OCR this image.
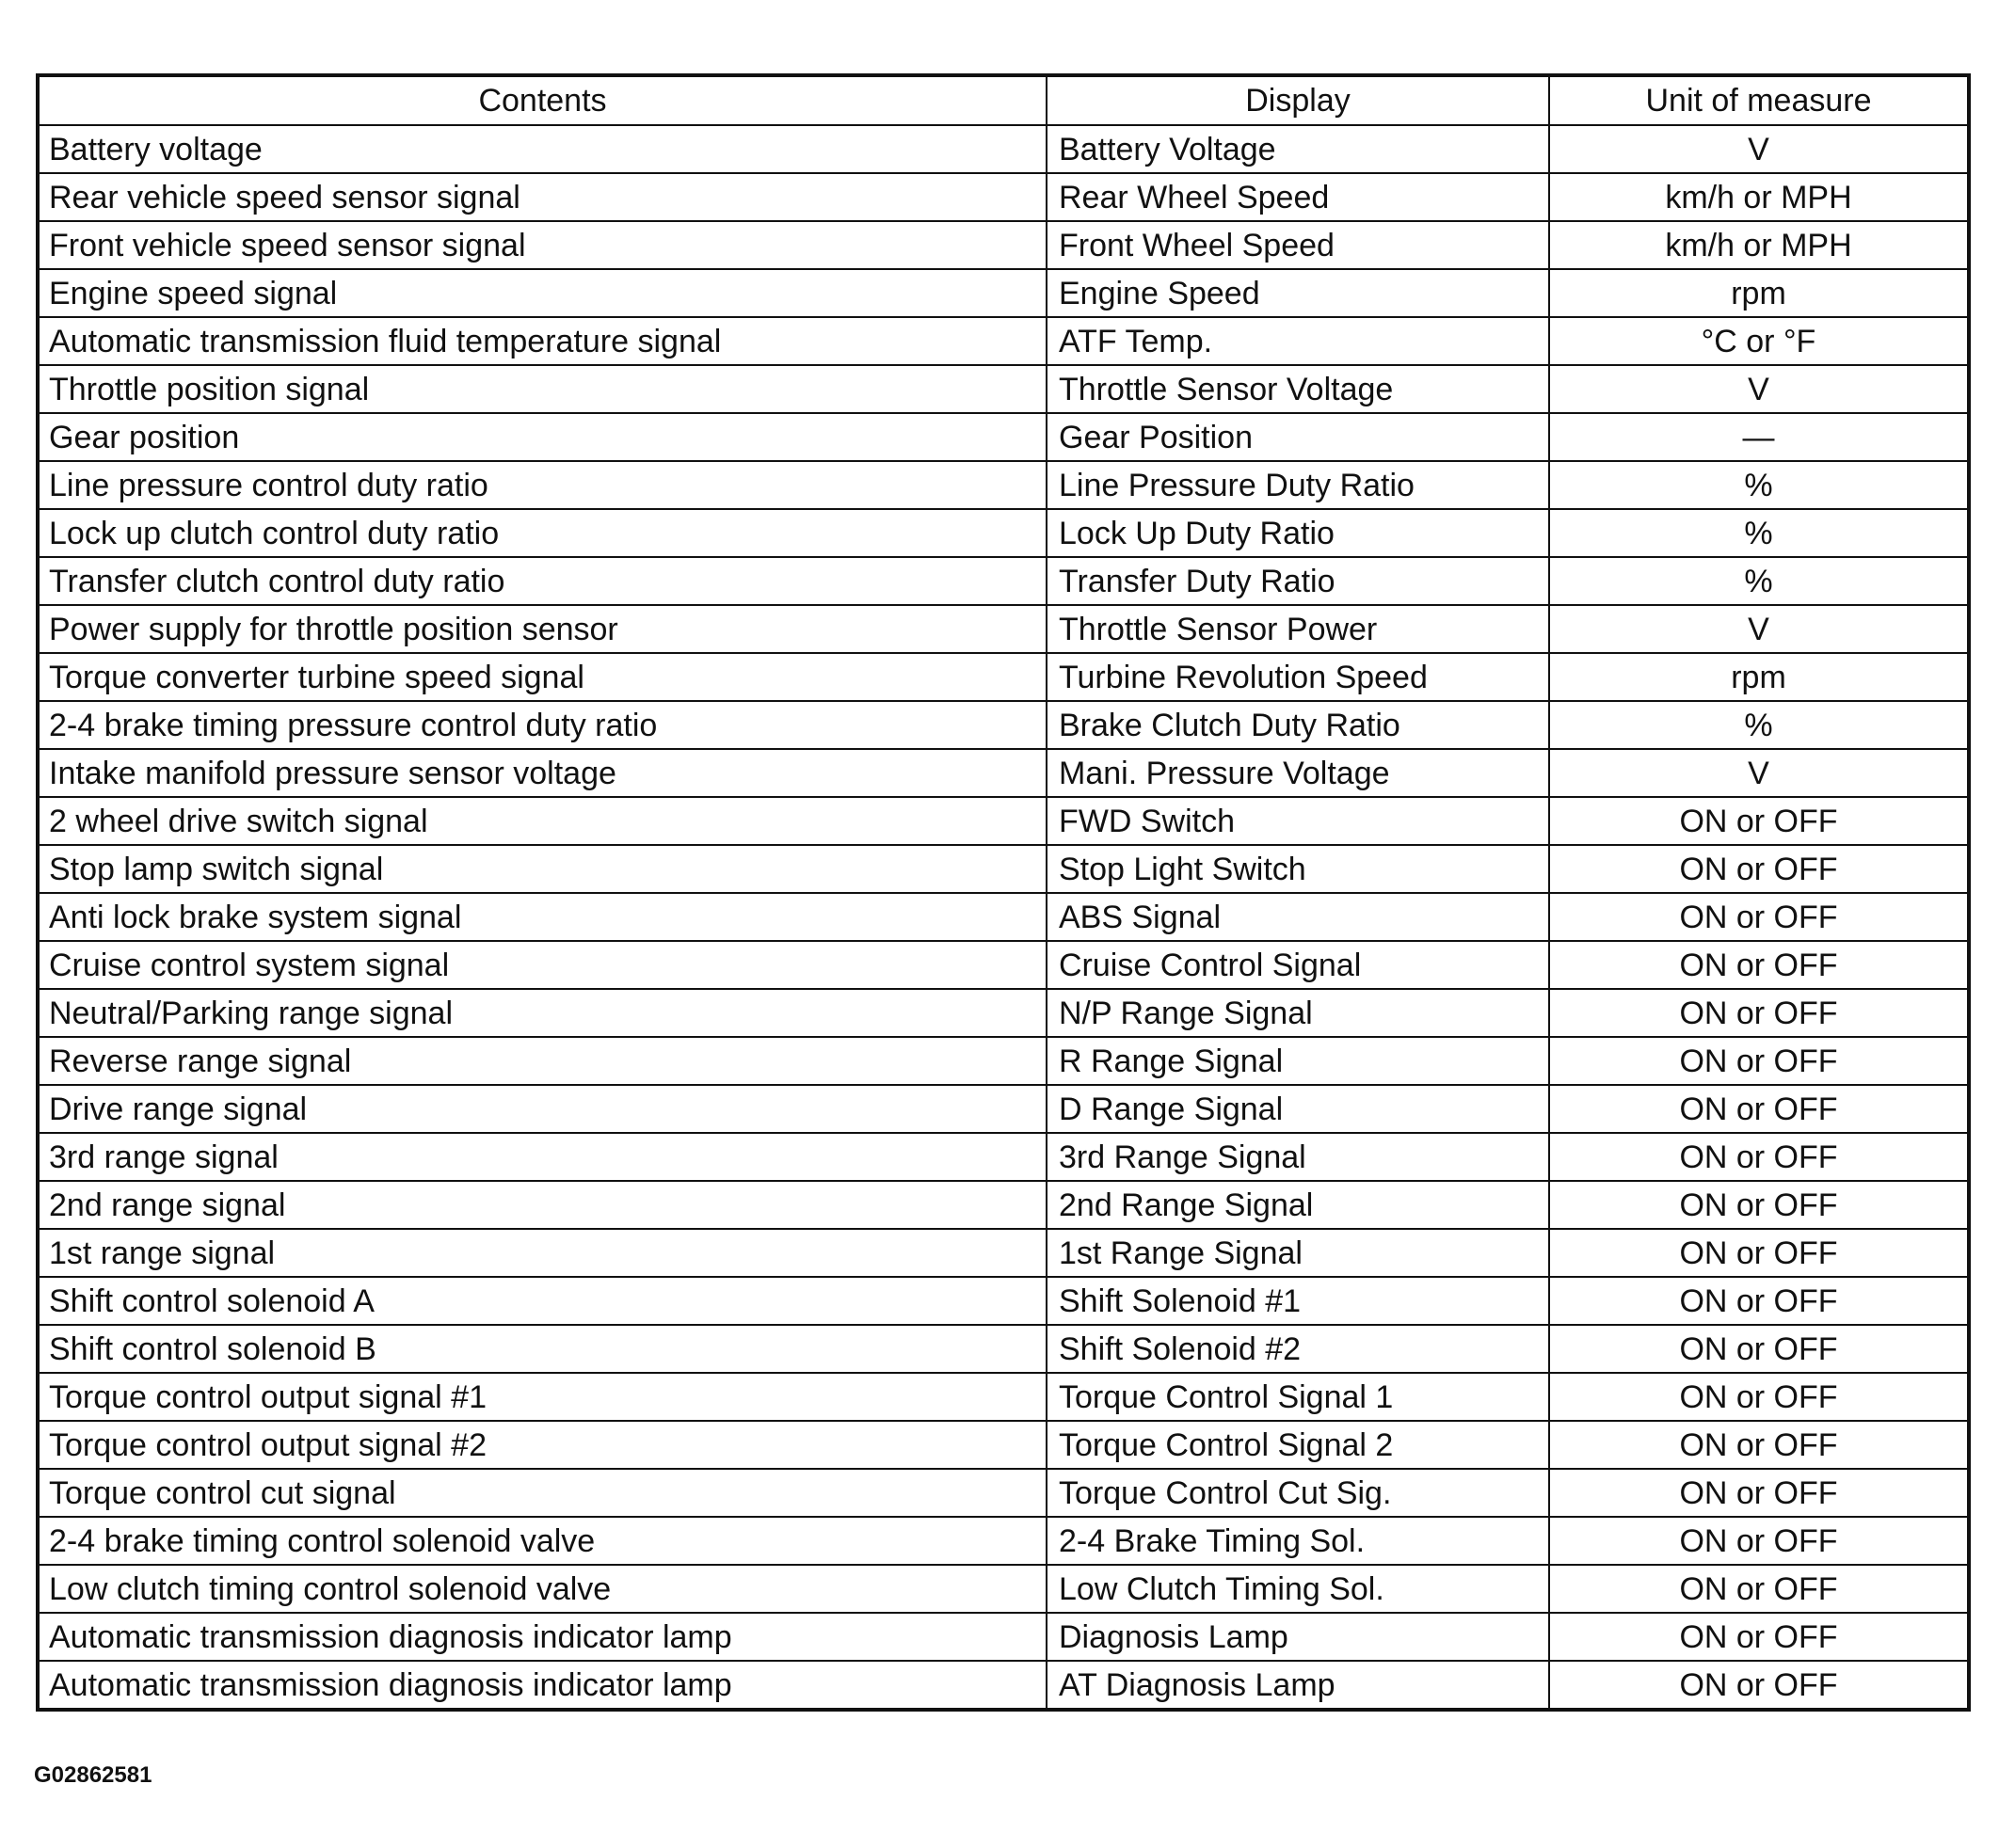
Contents	Display	Unit of measure
Battery voltage	Battery Voltage	V
Rear vehicle speed sensor signal	Rear Wheel Speed	km/h or MPH
Front vehicle speed sensor signal	Front Wheel Speed	km/h or MPH
Engine speed signal	Engine Speed	rpm
Automatic transmission fluid temperature signal	ATF Temp.	°C or °F
Throttle position signal	Throttle Sensor Voltage	V
Gear position	Gear Position	—
Line pressure control duty ratio	Line Pressure Duty Ratio	%
Lock up clutch control duty ratio	Lock Up Duty Ratio	%
Transfer clutch control duty ratio	Transfer Duty Ratio	%
Power supply for throttle position sensor	Throttle Sensor Power	V
Torque converter turbine speed signal	Turbine Revolution Speed	rpm
2-4 brake timing pressure control duty ratio	Brake Clutch Duty Ratio	%
Intake manifold pressure sensor voltage	Mani. Pressure Voltage	V
2 wheel drive switch signal	FWD Switch	ON or OFF
Stop lamp switch signal	Stop Light Switch	ON or OFF
Anti lock brake system signal	ABS Signal	ON or OFF
Cruise control system signal	Cruise Control Signal	ON or OFF
Neutral/Parking range signal	N/P Range Signal	ON or OFF
Reverse range signal	R Range Signal	ON or OFF
Drive range signal	D Range Signal	ON or OFF
3rd range signal	3rd Range Signal	ON or OFF
2nd range signal	2nd Range Signal	ON or OFF
1st range signal	1st Range Signal	ON or OFF
Shift control solenoid A	Shift Solenoid #1	ON or OFF
Shift control solenoid B	Shift Solenoid #2	ON or OFF
Torque control output signal #1	Torque Control Signal 1	ON or OFF
Torque control output signal #2	Torque Control Signal 2	ON or OFF
Torque control cut signal	Torque Control Cut Sig.	ON or OFF
2-4 brake timing control solenoid valve	2-4 Brake Timing Sol.	ON or OFF
Low clutch timing control solenoid valve	Low Clutch Timing Sol.	ON or OFF
Automatic transmission diagnosis indicator lamp	Diagnosis Lamp	ON or OFF
Automatic transmission diagnosis indicator lamp	AT Diagnosis Lamp	ON or OFF
G02862581
